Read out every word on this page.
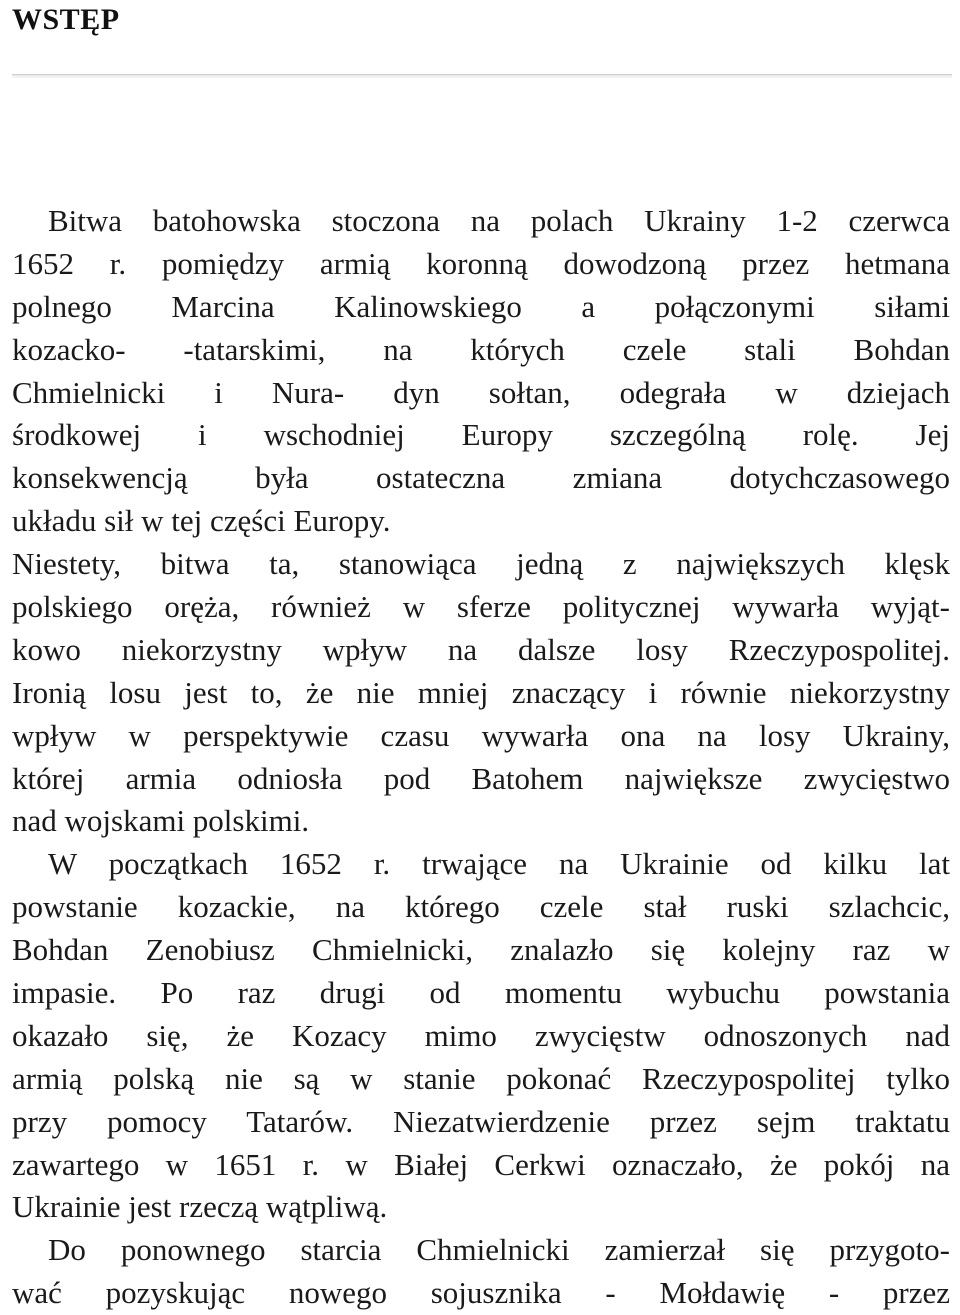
WSTĘP
Bitwa batohowska stoczona na polach Ukrainy 1-2 czerwca
1652 r. pomiędzy armią koronną dowodzoną przez hetmana
polnego Marcina Kalinowskiego a połączonymi siłami
kozacko- -tatarskimi, na których czele stali Bohdan
Chmielnicki i Nura- dyn sołtan, odegrała w dziejach
środkowej i wschodniej Europy szczególną rolę. Jej
konsekwencją była ostateczna zmiana dotychczasowego
układu sił w tej części Europy.
Niestety, bitwa ta, stanowiąca jedną z największych klęsk
polskiego oręża, również w sferze politycznej wywarła wyjąt-
kowo niekorzystny wpływ na dalsze losy Rzeczypospolitej.
Ironią losu jest to, że nie mniej znaczący i równie niekorzystny
wpływ w perspektywie czasu wywarła ona na losy Ukrainy,
której armia odniosła pod Batohem największe zwycięstwo
nad wojskami polskimi.
W początkach 1652 r. trwające na Ukrainie od kilku lat
powstanie kozackie, na którego czele stał ruski szlachcic,
Bohdan Zenobiusz Chmielnicki, znalazło się kolejny raz w
impasie. Po raz drugi od momentu wybuchu powstania
okazało się, że Kozacy mimo zwycięstw odnoszonych nad
armią polską nie są w stanie pokonać Rzeczypospolitej tylko
przy pomocy Tatarów. Niezatwierdzenie przez sejm traktatu
zawartego w 1651 r. w Białej Cerkwi oznaczało, że pokój na
Ukrainie jest rzeczą wątpliwą.
Do ponownego starcia Chmielnicki zamierzał się przygoto-
wać pozyskując nowego sojusznika - Mołdawię - przez
